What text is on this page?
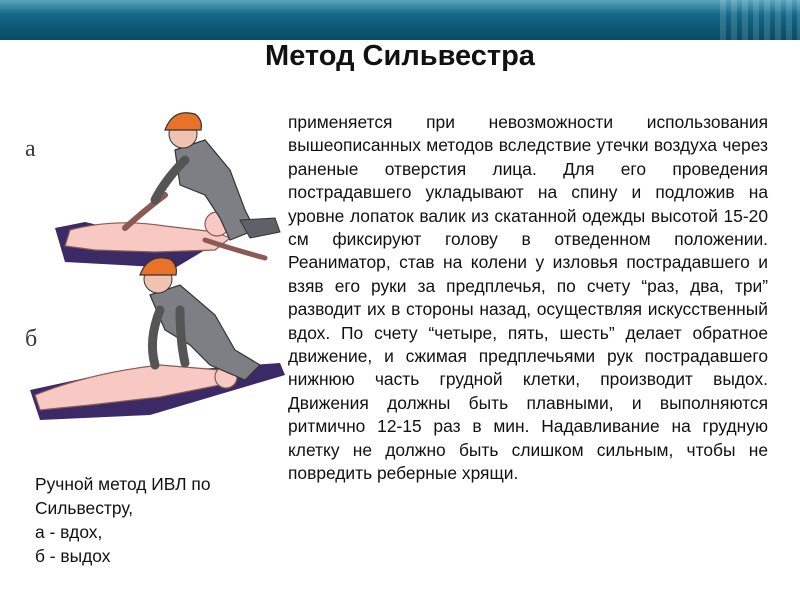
Метод Сильвестра
а
б

применяется при невозможности использования вышеописанных методов вследствие утечки воздуха через раненые отверстия лица. Для его проведения пострадавшего укладывают на спину и подложив на уровне лопаток валик из скатанной одежды высотой 15-20 см фиксируют голову в отведенном положении. Реаниматор, став на колени у изловья пострадавшего и взяв его руки за предплечья, по счету “раз, два, три” разводит их в стороны назад, осуществляя искусственный вдох. По счету “четыре, пять, шесть” делает обратное движение, и сжимая предплечьями рук пострадавшего нижнюю часть грудной клетки, производит выдох. Движения должны быть плавными, и выполняются ритмично 12-15 раз в мин. Надавливание на грудную клетку не должно быть слишком сильным, чтобы не повредить реберные хрящи.

Ручной метод ИВЛ по Сильвестру,
а - вдох,
б - выдох
